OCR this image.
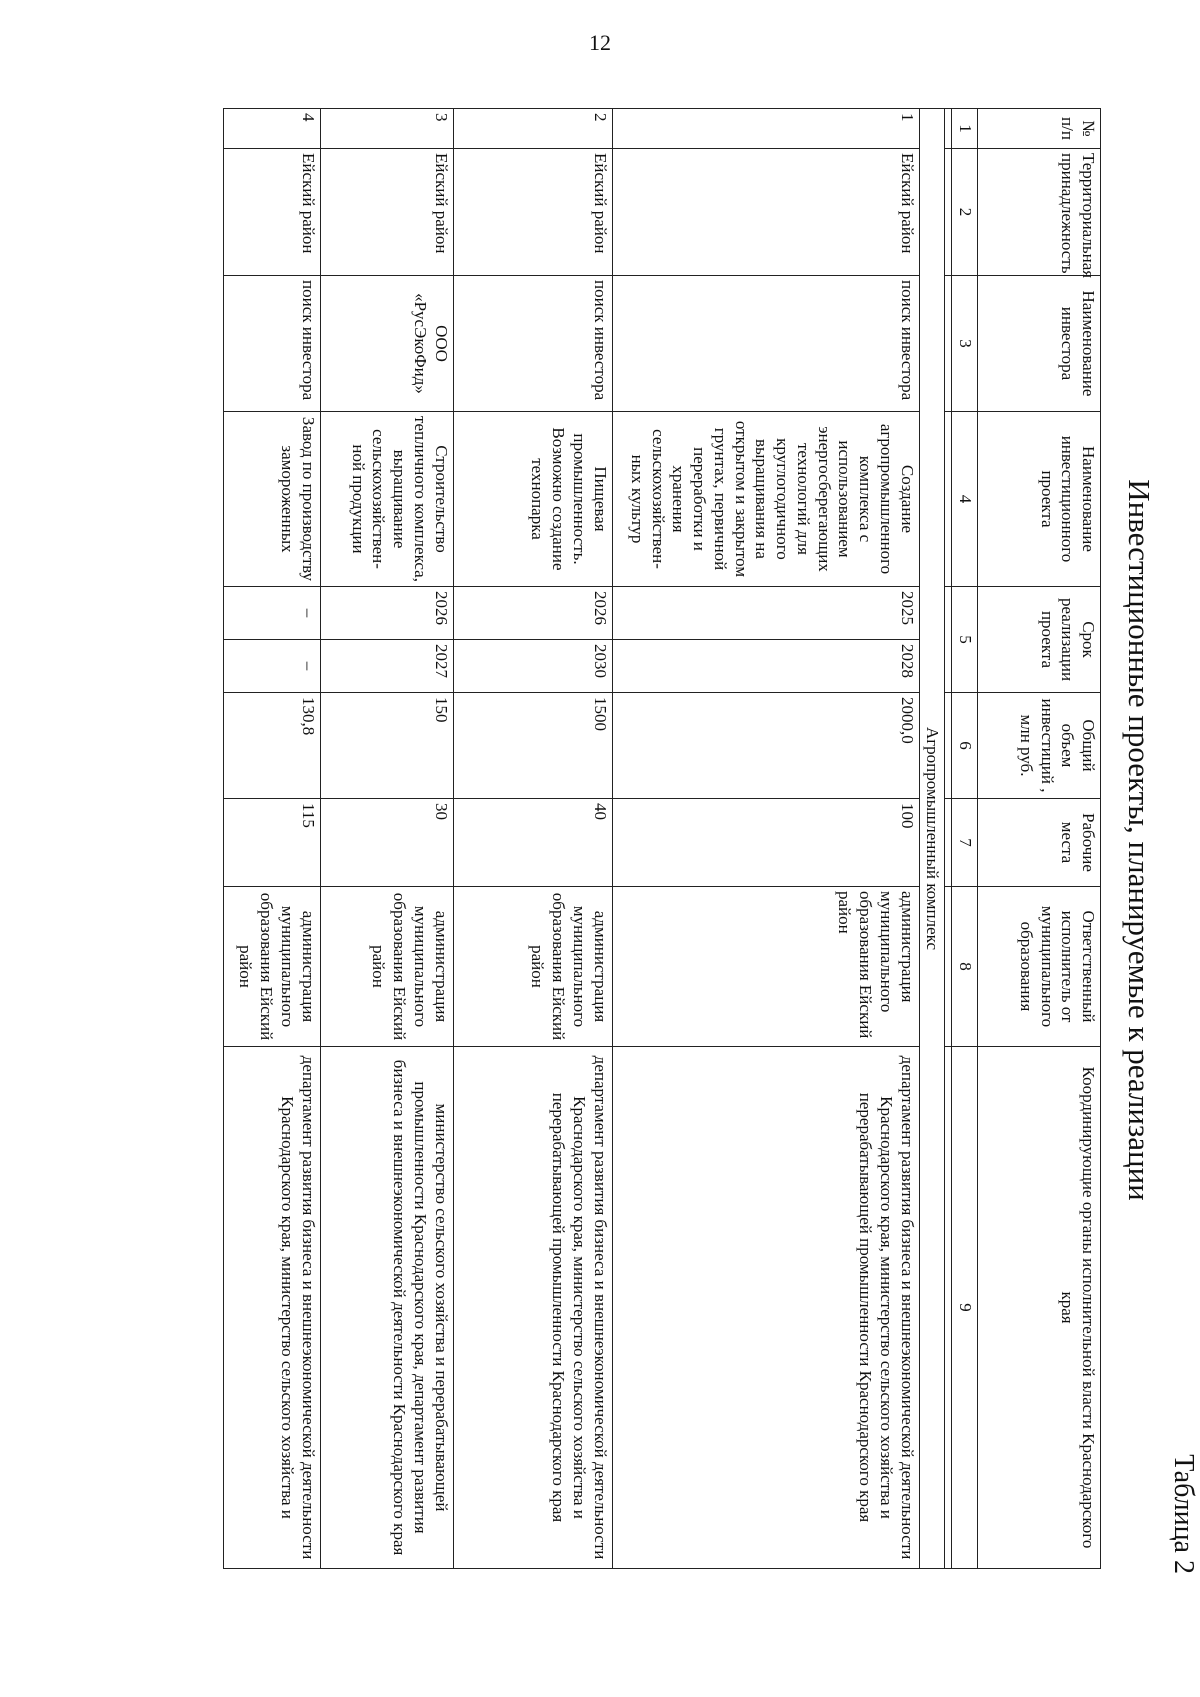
12
Таблица 2
Инвестиционные проекты, планируемые к реализации
№ п/п	Территориальная принадлежность	Наименование инвестора	Наименование инвестиционного проекта	Срок реализации проекта		Общий объем инвестиций , млн руб.	Рабочие места	Ответственный исполнитель от муниципального образования	Координирующие органы исполнительной власти Краснодарского края
1	2	3	4	5		6	7	8	9

Агропромышленный комплекс									
1	Ейский район	поиск инвестора	Создание агропромышленного комплекса с использованием энергосберегающих технологий для круглогодичного выращивания на открытом и закрытом грунтах, первичной переработки и хранения сельскохозяйствен-ных культур	2025	2028	2000,0	100	администрация муниципального образования Ейский район	департамент развития бизнеса и внешнеэкономической деятельности Краснодарского края, министерство сельского хозяйства и перерабатывающей промышленности Краснодарского края
2	Ейский район	поиск инвестора	Пищевая промышленность. Возможно создание технопарка	2026	2030	1500	40	администрация муниципального образования Ейский район	департамент развития бизнеса и внешнеэкономической деятельности Краснодарского края, министерство сельского хозяйства и перерабатывающей промышленности Краснодарского края
3	Ейский район	ООО «РусЭкоФид»	Строительство тепличного комплекса, выращивание сельскохозяйствен-ной продукции	2026	2027	150	30	администрация муниципального образования Ейский район	министерство сельского хозяйства и перерабатывающей промышленности Краснодарского края, департамент развития бизнеса и внешнеэкономической деятельности Краснодарского края
4	Ейский район	поиск инвестора	Завод по производству замороженных	–	–	130,8	115	администрация муниципального образования Ейский район	департамент развития бизнеса и внешнеэкономической деятельности Краснодарского края, министерство сельского хозяйства и
